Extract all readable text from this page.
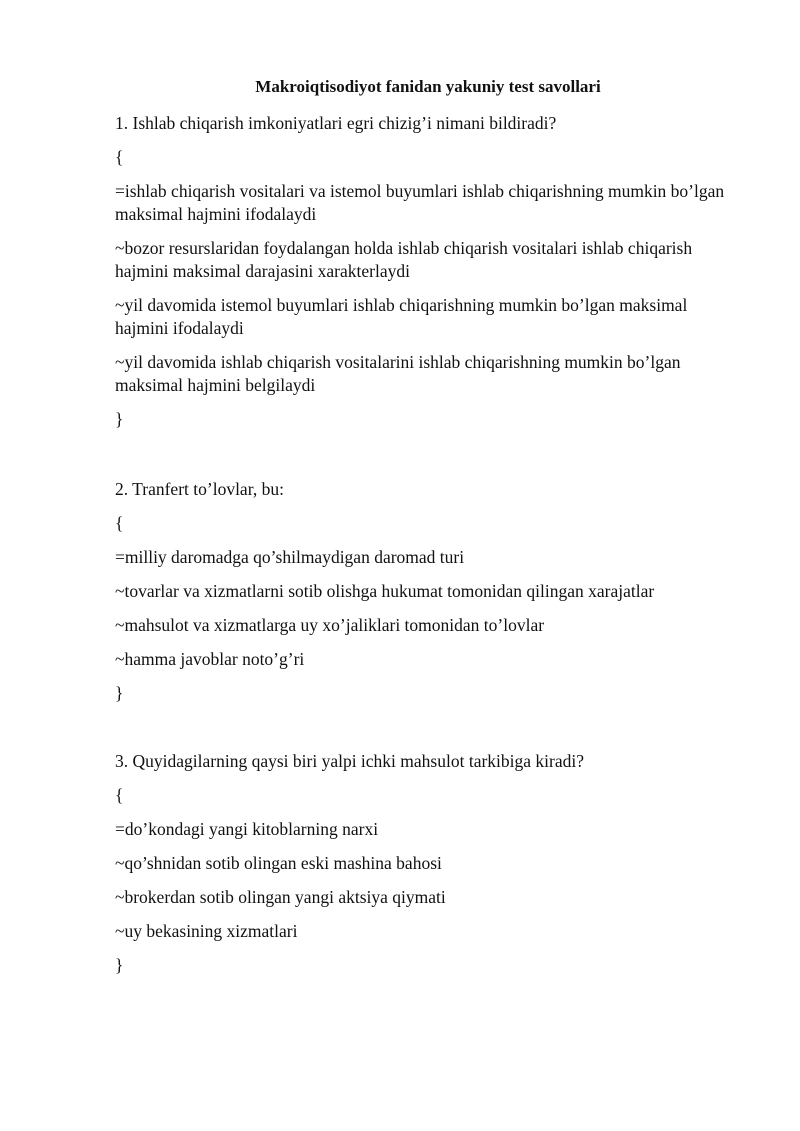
Makroiqtisodiyot fanidan yakuniy test savollari

1. Ishlab chiqarish imkoniyatlari egri chizig’i nimani bildiradi?

{

=ishlab chiqarish vositalari va istemol buyumlari ishlab chiqarishning mumkin bo’lgan maksimal hajmini ifodalaydi

~bozor resurslaridan foydalangan holda ishlab chiqarish vositalari ishlab chiqarish hajmini maksimal darajasini xarakterlaydi

~yil davomida istemol buyumlari ishlab chiqarishning mumkin bo’lgan maksimal hajmini ifodalaydi

~yil davomida ishlab chiqarish vositalarini ishlab chiqarishning mumkin bo’lgan maksimal hajmini belgilaydi

}

2. Tranfert to’lovlar, bu:

{

=milliy daromadga qo’shilmaydigan daromad turi

~tovarlar va xizmatlarni sotib olishga hukumat tomonidan qilingan xarajatlar

~mahsulot va xizmatlarga uy xo’jaliklari tomonidan to’lovlar

~hamma javoblar noto’g’ri

}

3. Quyidagilarning qaysi biri yalpi ichki mahsulot tarkibiga kiradi?

{

=do’kondagi yangi kitoblarning narxi

~qo’shnidan sotib olingan eski mashina bahosi

~brokerdan sotib olingan yangi aktsiya qiymati

~uy bekasining xizmatlari

}
